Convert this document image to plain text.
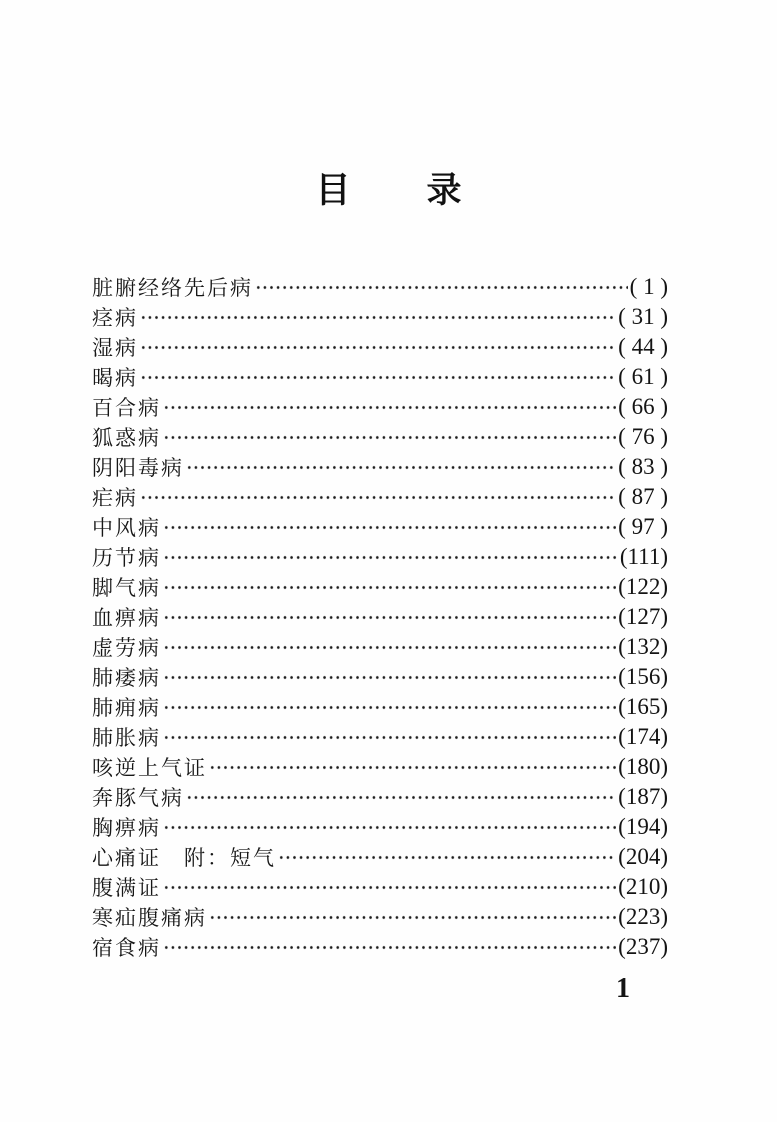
目 录
脏腑经络先后病	( 1 )
痉病	( 31 )
湿病	( 44 )
暍病	( 61 )
百合病	( 66 )
狐惑病	( 76 )
阴阳毒病	( 83 )
疟病	( 87 )
中风病	( 97 )
历节病	(111)
脚气病	(122)
血痹病	(127)
虚劳病	(132)
肺痿病	(156)
肺痈病	(165)
肺胀病	(174)
咳逆上气证	(180)
奔豚气病	(187)
胸痹病	(194)
心痛证　附：短气	(204)
腹满证	(210)
寒疝腹痛病	(223)
宿食病	(237)
1
